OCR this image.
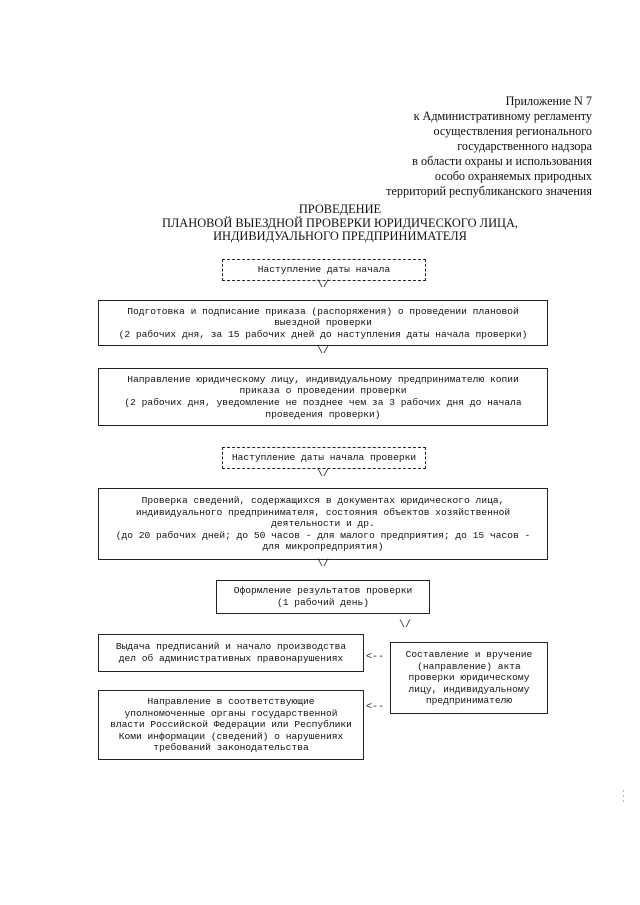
Приложение N 7
к Административному регламенту
осуществления регионального
государственного надзора
в области охраны и использования
особо охраняемых природных
территорий республиканского значения
ПРОВЕДЕНИЕ
ПЛАНОВОЙ ВЫЕЗДНОЙ ПРОВЕРКИ ЮРИДИЧЕСКОГО ЛИЦА,
ИНДИВИДУАЛЬНОГО ПРЕДПРИНИМАТЕЛЯ
Наступление даты начала
\/
Подготовка и подписание приказа (распоряжения) о проведении плановой
выездной проверки
(2 рабочих дня, за 15 рабочих дней до наступления даты начала проверки)
\/
Направление юридическому лицу, индивидуальному предпринимателю копии
приказа о проведении проверки
(2 рабочих дня, уведомление не позднее чем за 3 рабочих дня до начала
проведения проверки)
Наступление даты начала проверки
\/
Проверка сведений, содержащихся в документах юридического лица,
индивидуального предпринимателя, состояния объектов хозяйственной
деятельности и др.
(до 20 рабочих дней; до 50 часов - для малого предприятия; до 15 часов -
для микропредприятия)
\/
Оформление результатов проверки
(1 рабочий день)
\/
Выдача предписаний и начало производства
дел об административных правонарушениях <-- Составление и вручение
(направление) акта
проверки юридическому
лицу, индивидуальному
предпринимателю
Направление в соответствующие
уполномоченные органы государственной
власти Российской Федерации или Республики
Коми информации (сведений) о нарушениях
требований законодательства
<--
